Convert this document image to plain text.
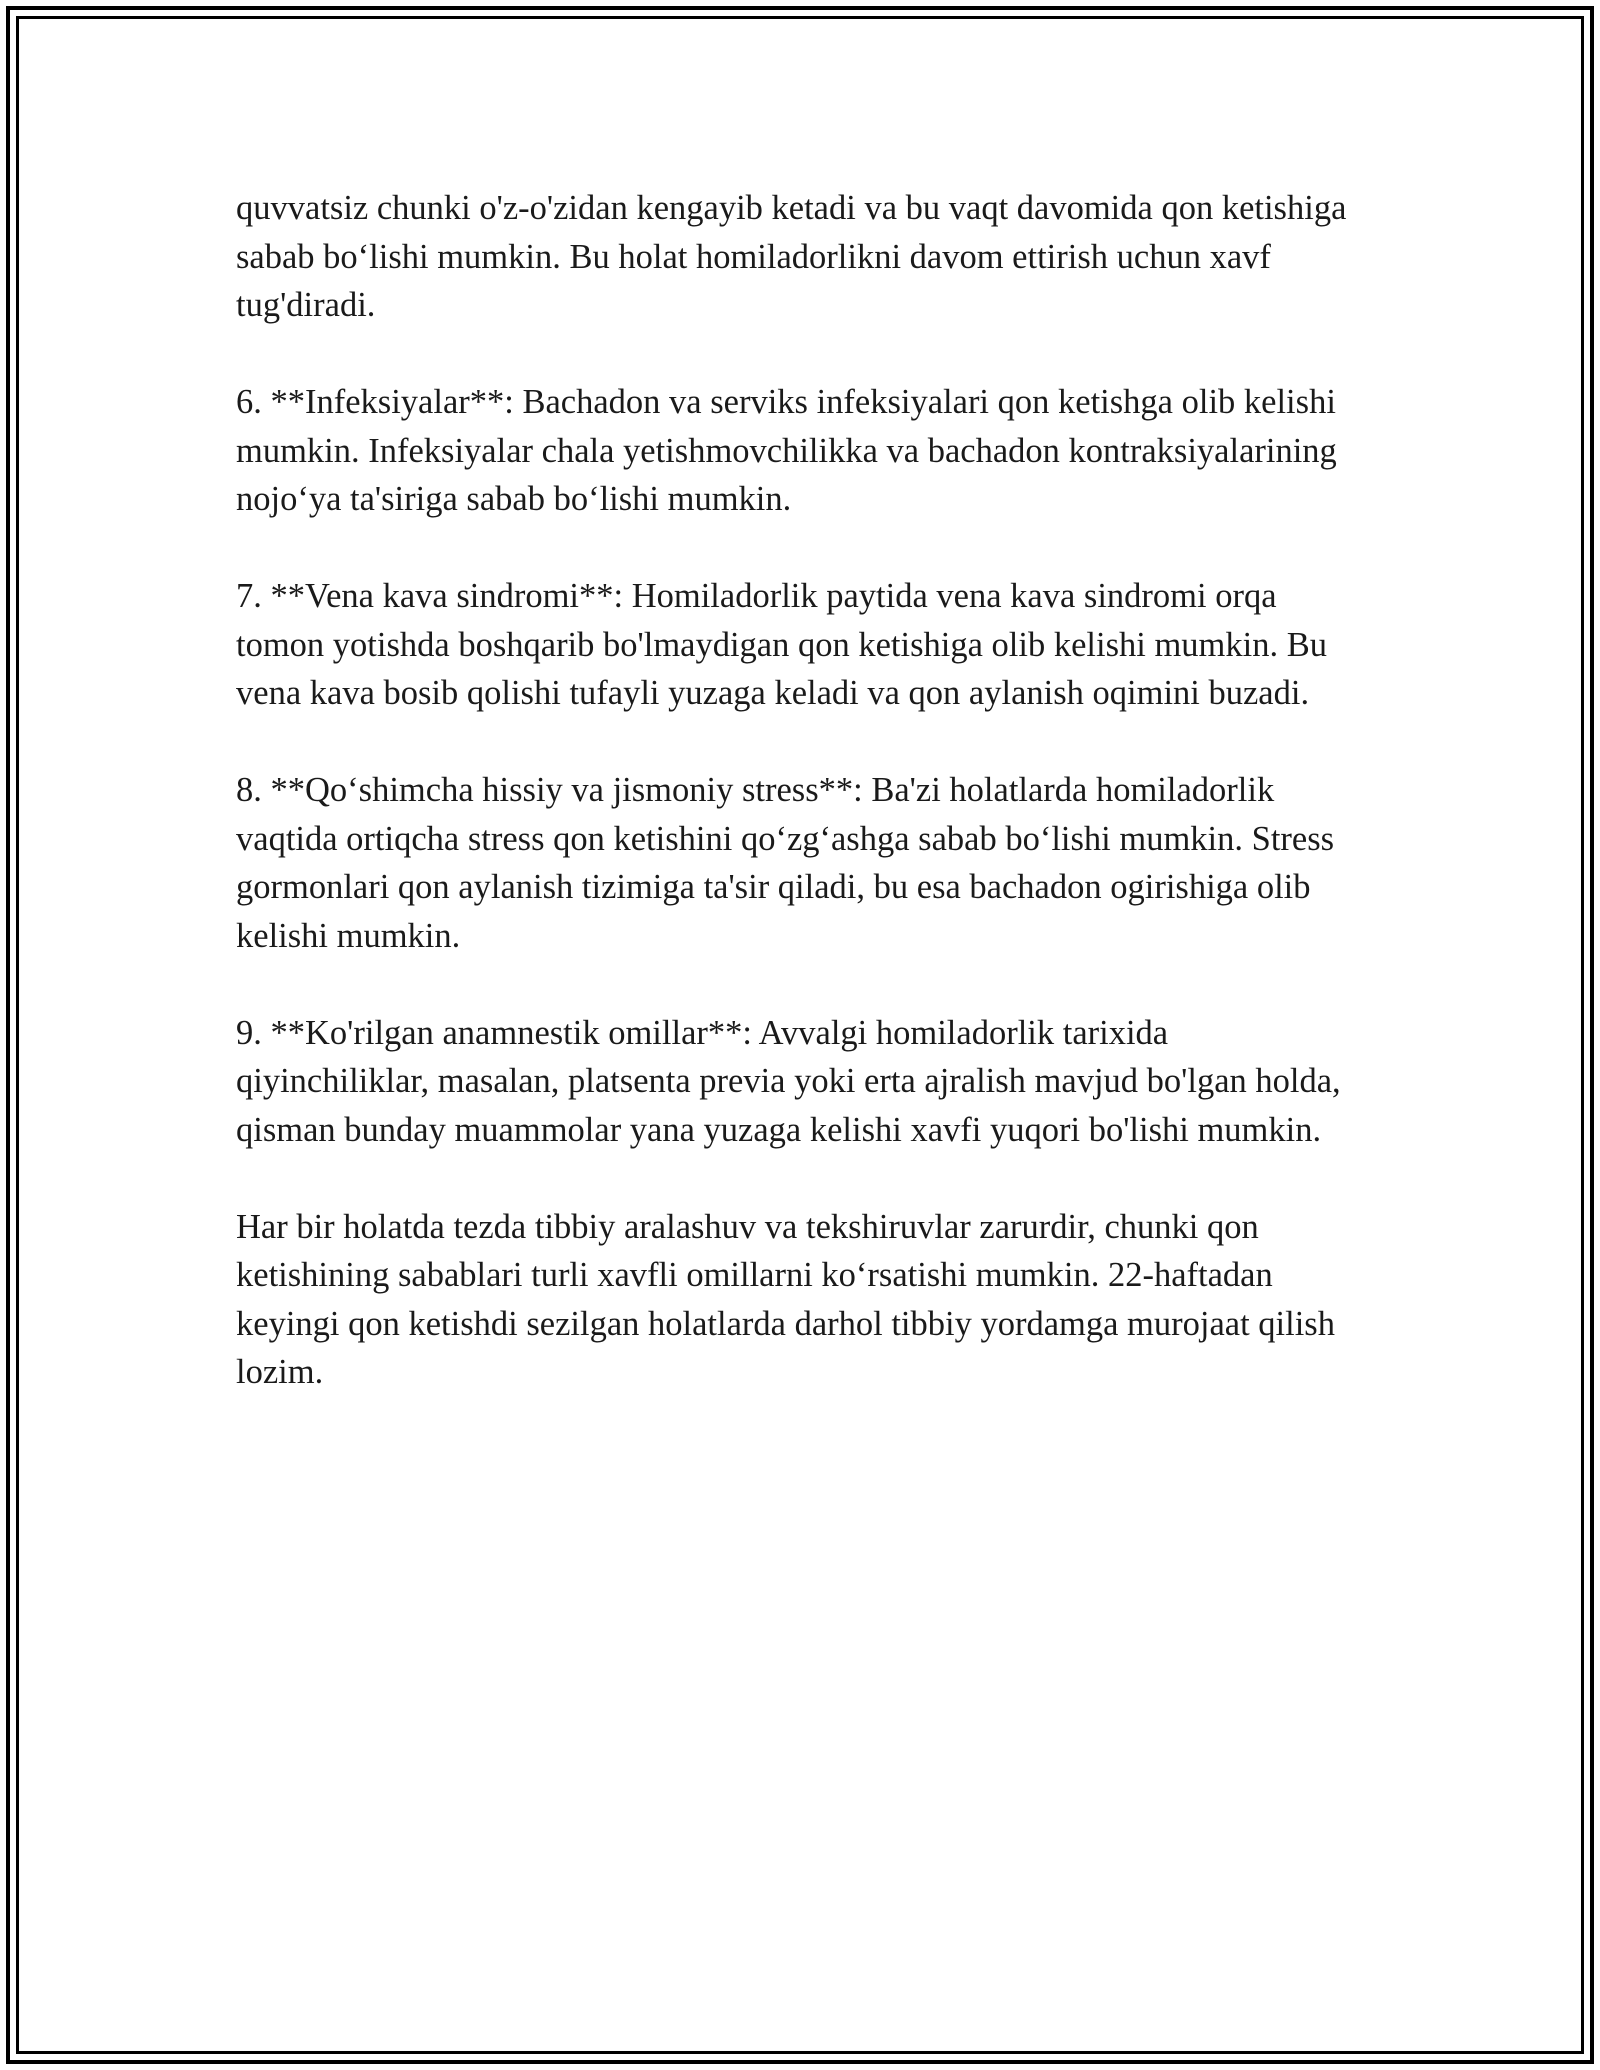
quvvatsiz chunki o'z-o'zidan kengayib ketadi va bu vaqt davomida qon ketishiga sabab bo‘lishi mumkin. Bu holat homiladorlikni davom ettirish uchun xavf tug'diradi.

6. **Infeksiyalar**: Bachadon va serviks infeksiyalari qon ketishga olib kelishi mumkin. Infeksiyalar chala yetishmovchilikka va bachadon kontraksiyalarining nojo‘ya ta'siriga sabab bo‘lishi mumkin.

7. **Vena kava sindromi**: Homiladorlik paytida vena kava sindromi orqa tomon yotishda boshqarib bo'lmaydigan qon ketishiga olib kelishi mumkin. Bu vena kava bosib qolishi tufayli yuzaga keladi va qon aylanish oqimini buzadi.

8. **Qo‘shimcha hissiy va jismoniy stress**: Ba'zi holatlarda homiladorlik vaqtida ortiqcha stress qon ketishini qo‘zg‘ashga sabab bo‘lishi mumkin. Stress gormonlari qon aylanish tizimiga ta'sir qiladi, bu esa bachadon ogirishiga olib kelishi mumkin.

9. **Ko'rilgan anamnestik omillar**: Avvalgi homiladorlik tarixida qiyinchiliklar, masalan, platsenta previa yoki erta ajralish mavjud bo'lgan holda, qisman bunday muammolar yana yuzaga kelishi xavfi yuqori bo'lishi mumkin.

Har bir holatda tezda tibbiy aralashuv va tekshiruvlar zarurdir, chunki qon ketishining sabablari turli xavfli omillarni ko‘rsatishi mumkin. 22-haftadan keyingi qon ketishdi sezilgan holatlarda darhol tibbiy yordamga murojaat qilish lozim.
